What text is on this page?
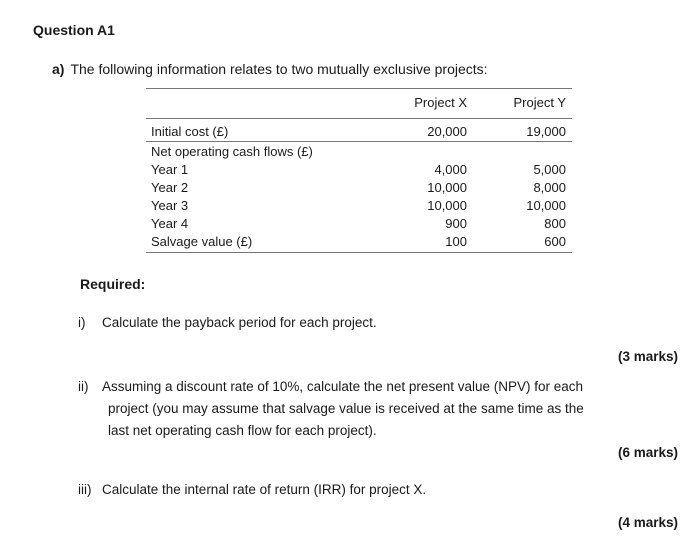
Question A1
a) The following information relates to two mutually exclusive projects:
Project X	Project Y
Initial cost (£)	20,000	19,000
Net operating cash flows (£)
Year 1	4,000	5,000
Year 2	10,000	8,000
Year 3	10,000	10,000
Year 4	900	800
Salvage value (£)	100	600
Required:
i) Calculate the payback period for each project.
(3 marks)
ii) Assuming a discount rate of 10%, calculate the net present value (NPV) for each
project (you may assume that salvage value is received at the same time as the
last net operating cash flow for each project).
(6 marks)
iii) Calculate the internal rate of return (IRR) for project X.
(4 marks)
